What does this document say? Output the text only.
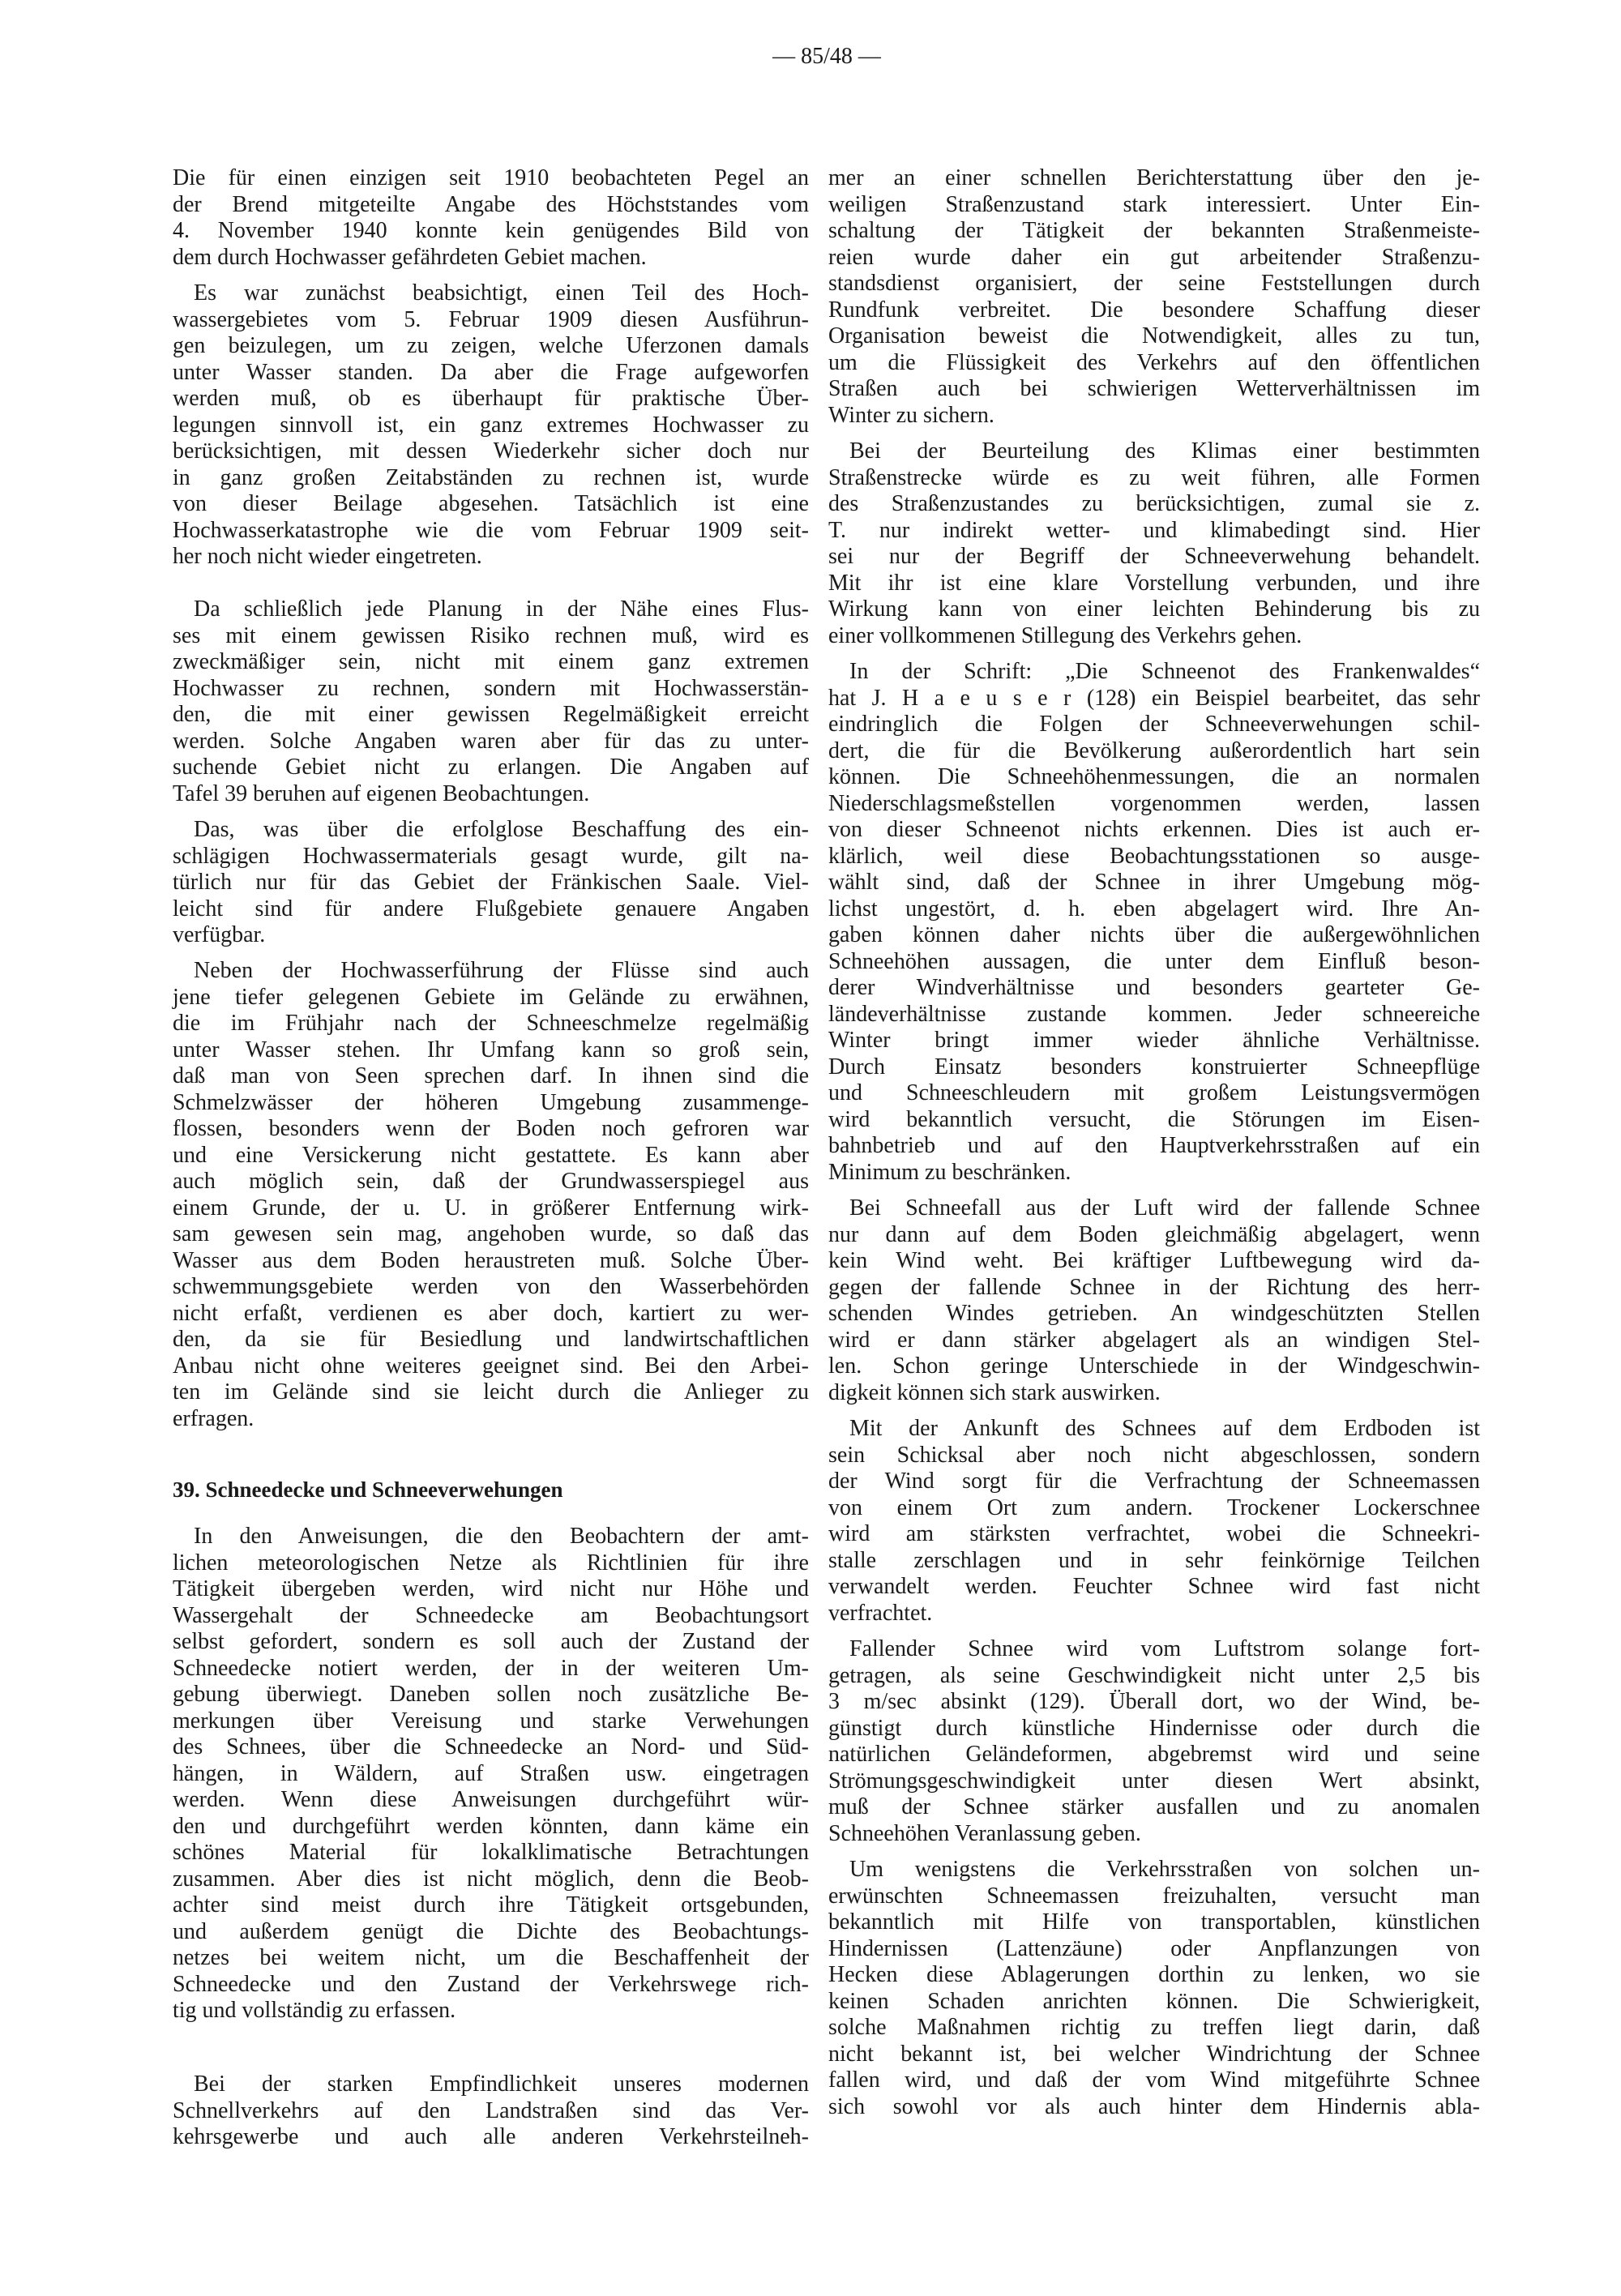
— 85/48 —
Die für einen einzigen seit 1910 beobachteten Pegel an
der Brend mitgeteilte Angabe des Höchststandes vom
4. November 1940 konnte kein genügendes Bild von
dem durch Hochwasser gefährdeten Gebiet machen.
Es war zunächst beabsichtigt, einen Teil des Hoch-
wassergebietes vom 5. Februar 1909 diesen Ausführun-
gen beizulegen, um zu zeigen, welche Uferzonen damals
unter Wasser standen. Da aber die Frage aufgeworfen
werden muß, ob es überhaupt für praktische Über-
legungen sinnvoll ist, ein ganz extremes Hochwasser zu
berücksichtigen, mit dessen Wiederkehr sicher doch nur
in ganz großen Zeitabständen zu rechnen ist, wurde
von dieser Beilage abgesehen. Tatsächlich ist eine
Hochwasserkatastrophe wie die vom Februar 1909 seit-
her noch nicht wieder eingetreten.
Da schließlich jede Planung in der Nähe eines Flus-
ses mit einem gewissen Risiko rechnen muß, wird es
zweckmäßiger sein, nicht mit einem ganz extremen
Hochwasser zu rechnen, sondern mit Hochwasserstän-
den, die mit einer gewissen Regelmäßigkeit erreicht
werden. Solche Angaben waren aber für das zu unter-
suchende Gebiet nicht zu erlangen. Die Angaben auf
Tafel 39 beruhen auf eigenen Beobachtungen.
Das, was über die erfolglose Beschaffung des ein-
schlägigen Hochwassermaterials gesagt wurde, gilt na-
türlich nur für das Gebiet der Fränkischen Saale. Viel-
leicht sind für andere Flußgebiete genauere Angaben
verfügbar.
Neben der Hochwasserführung der Flüsse sind auch
jene tiefer gelegenen Gebiete im Gelände zu erwähnen,
die im Frühjahr nach der Schneeschmelze regelmäßig
unter Wasser stehen. Ihr Umfang kann so groß sein,
daß man von Seen sprechen darf. In ihnen sind die
Schmelzwässer der höheren Umgebung zusammenge-
flossen, besonders wenn der Boden noch gefroren war
und eine Versickerung nicht gestattete. Es kann aber
auch möglich sein, daß der Grundwasserspiegel aus
einem Grunde, der u. U. in größerer Entfernung wirk-
sam gewesen sein mag, angehoben wurde, so daß das
Wasser aus dem Boden heraustreten muß. Solche Über-
schwemmungsgebiete werden von den Wasserbehörden
nicht erfaßt, verdienen es aber doch, kartiert zu wer-
den, da sie für Besiedlung und landwirtschaftlichen
Anbau nicht ohne weiteres geeignet sind. Bei den Arbei-
ten im Gelände sind sie leicht durch die Anlieger zu
erfragen.
39. Schneedecke und Schneeverwehungen
In den Anweisungen, die den Beobachtern der amt-
lichen meteorologischen Netze als Richtlinien für ihre
Tätigkeit übergeben werden, wird nicht nur Höhe und
Wassergehalt der Schneedecke am Beobachtungsort
selbst gefordert, sondern es soll auch der Zustand der
Schneedecke notiert werden, der in der weiteren Um-
gebung überwiegt. Daneben sollen noch zusätzliche Be-
merkungen über Vereisung und starke Verwehungen
des Schnees, über die Schneedecke an Nord- und Süd-
hängen, in Wäldern, auf Straßen usw. eingetragen
werden. Wenn diese Anweisungen durchgeführt wür-
den und durchgeführt werden könnten, dann käme ein
schönes Material für lokalklimatische Betrachtungen
zusammen. Aber dies ist nicht möglich, denn die Beob-
achter sind meist durch ihre Tätigkeit ortsgebunden,
und außerdem genügt die Dichte des Beobachtungs-
netzes bei weitem nicht, um die Beschaffenheit der
Schneedecke und den Zustand der Verkehrswege rich-
tig und vollständig zu erfassen.
Bei der starken Empfindlichkeit unseres modernen
Schnellverkehrs auf den Landstraßen sind das Ver-
kehrsgewerbe und auch alle anderen Verkehrsteilneh-
mer an einer schnellen Berichterstattung über den je-
weiligen Straßenzustand stark interessiert. Unter Ein-
schaltung der Tätigkeit der bekannten Straßenmeiste-
reien wurde daher ein gut arbeitender Straßenzu-
standsdienst organisiert, der seine Feststellungen durch
Rundfunk verbreitet. Die besondere Schaffung dieser
Organisation beweist die Notwendigkeit, alles zu tun,
um die Flüssigkeit des Verkehrs auf den öffentlichen
Straßen auch bei schwierigen Wetterverhältnissen im
Winter zu sichern.
Bei der Beurteilung des Klimas einer bestimmten
Straßenstrecke würde es zu weit führen, alle Formen
des Straßenzustandes zu berücksichtigen, zumal sie z.
T. nur indirekt wetter- und klimabedingt sind. Hier
sei nur der Begriff der Schneeverwehung behandelt.
Mit ihr ist eine klare Vorstellung verbunden, und ihre
Wirkung kann von einer leichten Behinderung bis zu
einer vollkommenen Stillegung des Verkehrs gehen.
In der Schrift: „Die Schneenot des Frankenwaldes“
hat J. H a e u s e r (128) ein Beispiel bearbeitet, das sehr
eindringlich die Folgen der Schneeverwehungen schil-
dert, die für die Bevölkerung außerordentlich hart sein
können. Die Schneehöhenmessungen, die an normalen
Niederschlagsmeßstellen vorgenommen werden, lassen
von dieser Schneenot nichts erkennen. Dies ist auch er-
klärlich, weil diese Beobachtungsstationen so ausge-
wählt sind, daß der Schnee in ihrer Umgebung mög-
lichst ungestört, d. h. eben abgelagert wird. Ihre An-
gaben können daher nichts über die außergewöhnlichen
Schneehöhen aussagen, die unter dem Einfluß beson-
derer Windverhältnisse und besonders gearteter Ge-
ländeverhältnisse zustande kommen. Jeder schneereiche
Winter bringt immer wieder ähnliche Verhältnisse.
Durch Einsatz besonders konstruierter Schneepflüge
und Schneeschleudern mit großem Leistungsvermögen
wird bekanntlich versucht, die Störungen im Eisen-
bahnbetrieb und auf den Hauptverkehrsstraßen auf ein
Minimum zu beschränken.
Bei Schneefall aus der Luft wird der fallende Schnee
nur dann auf dem Boden gleichmäßig abgelagert, wenn
kein Wind weht. Bei kräftiger Luftbewegung wird da-
gegen der fallende Schnee in der Richtung des herr-
schenden Windes getrieben. An windgeschützten Stellen
wird er dann stärker abgelagert als an windigen Stel-
len. Schon geringe Unterschiede in der Windgeschwin-
digkeit können sich stark auswirken.
Mit der Ankunft des Schnees auf dem Erdboden ist
sein Schicksal aber noch nicht abgeschlossen, sondern
der Wind sorgt für die Verfrachtung der Schneemassen
von einem Ort zum andern. Trockener Lockerschnee
wird am stärksten verfrachtet, wobei die Schneekri-
stalle zerschlagen und in sehr feinkörnige Teilchen
verwandelt werden. Feuchter Schnee wird fast nicht
verfrachtet.
Fallender Schnee wird vom Luftstrom solange fort-
getragen, als seine Geschwindigkeit nicht unter 2,5 bis
3 m/sec absinkt (129). Überall dort, wo der Wind, be-
günstigt durch künstliche Hindernisse oder durch die
natürlichen Geländeformen, abgebremst wird und seine
Strömungsgeschwindigkeit unter diesen Wert absinkt,
muß der Schnee stärker ausfallen und zu anomalen
Schneehöhen Veranlassung geben.
Um wenigstens die Verkehrsstraßen von solchen un-
erwünschten Schneemassen freizuhalten, versucht man
bekanntlich mit Hilfe von transportablen, künstlichen
Hindernissen (Lattenzäune) oder Anpflanzungen von
Hecken diese Ablagerungen dorthin zu lenken, wo sie
keinen Schaden anrichten können. Die Schwierigkeit,
solche Maßnahmen richtig zu treffen liegt darin, daß
nicht bekannt ist, bei welcher Windrichtung der Schnee
fallen wird, und daß der vom Wind mitgeführte Schnee
sich sowohl vor als auch hinter dem Hindernis abla-
